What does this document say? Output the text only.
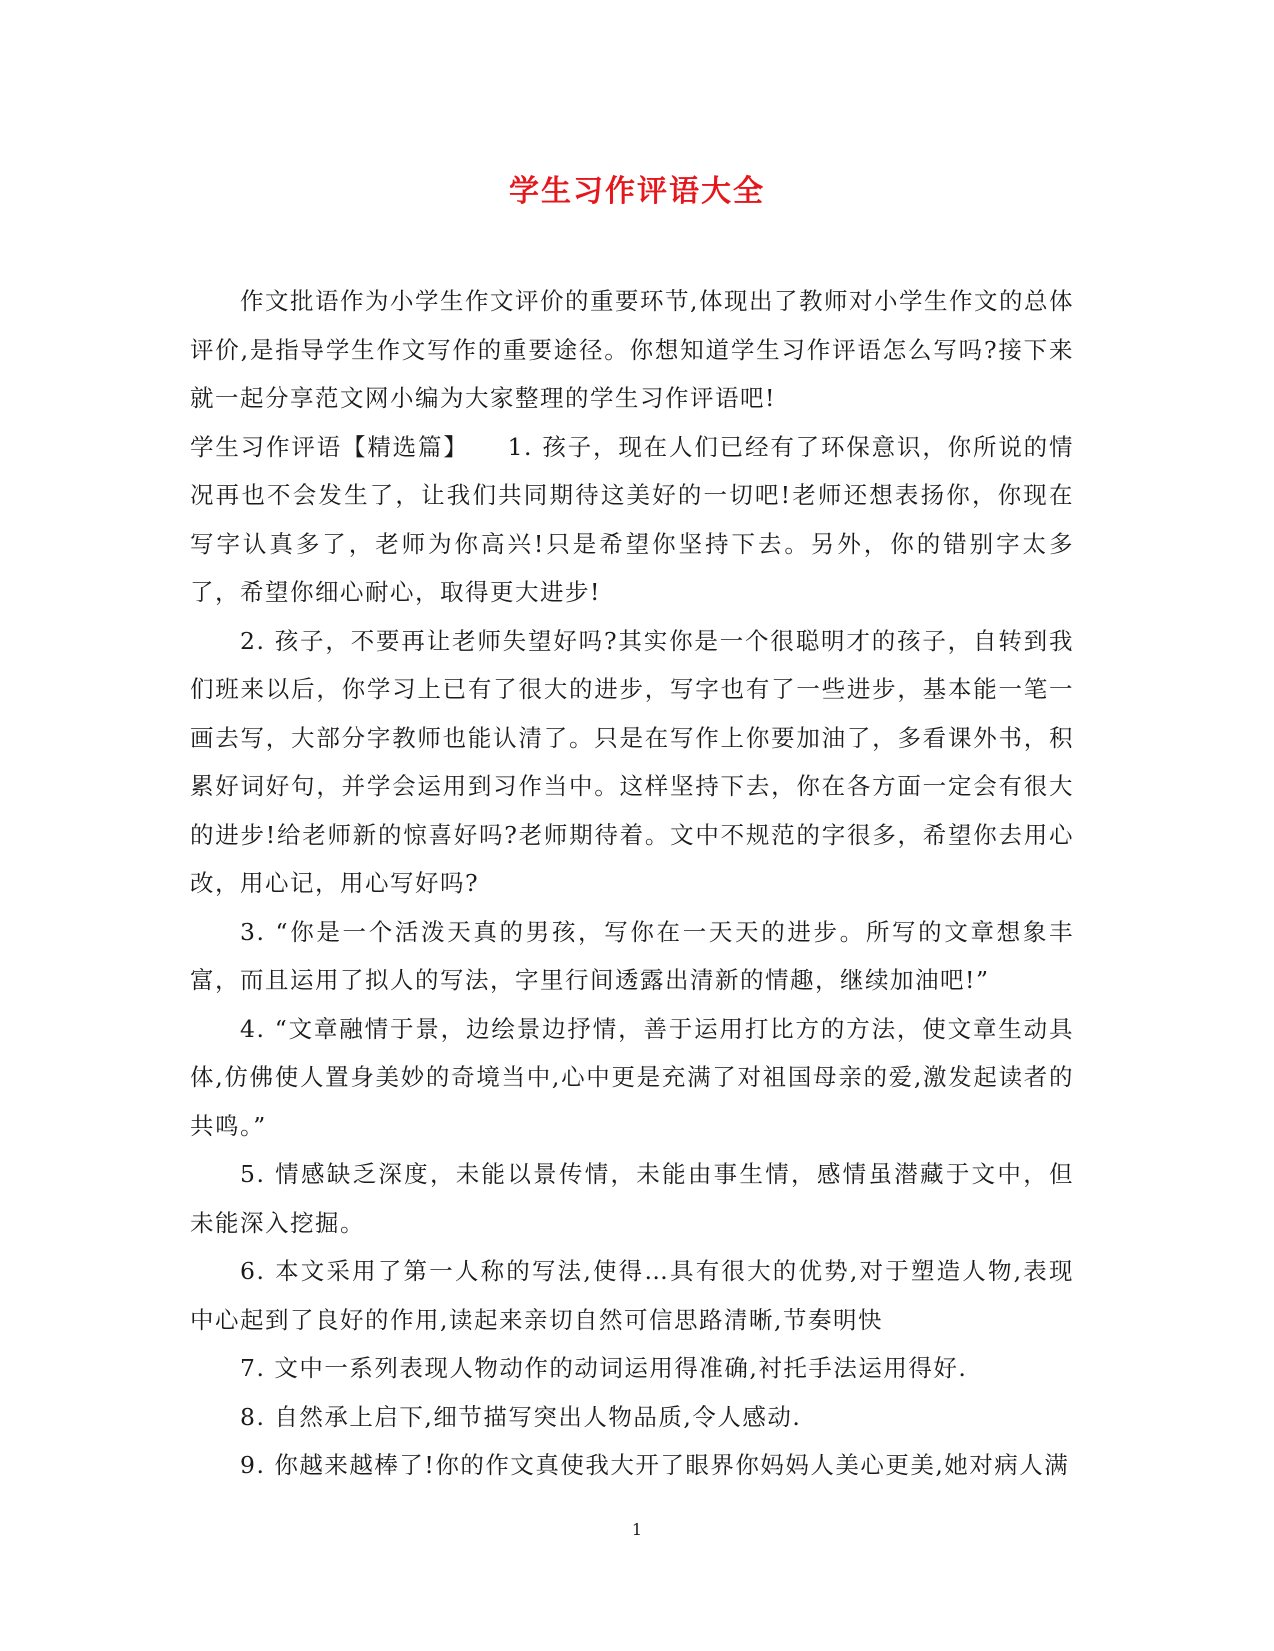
学生习作评语大全

作文批语作为小学生作文评价的重要环节,体现出了教师对小学生作文的总体评价,是指导学生作文写作的重要途径。你想知道学生习作评语怎么写吗?接下来就一起分享范文网小编为大家整理的学生习作评语吧!

学生习作评语【精选篇】　　1. 孩子，现在人们已经有了环保意识，你所说的情况再也不会发生了，让我们共同期待这美好的一切吧!老师还想表扬你，你现在写字认真多了，老师为你高兴!只是希望你坚持下去。另外，你的错别字太多了，希望你细心耐心，取得更大进步!

2. 孩子，不要再让老师失望好吗?其实你是一个很聪明才的孩子，自转到我们班来以后，你学习上已有了很大的进步，写字也有了一些进步，基本能一笔一画去写，大部分字教师也能认清了。只是在写作上你要加油了，多看课外书，积累好词好句，并学会运用到习作当中。这样坚持下去，你在各方面一定会有很大的进步!给老师新的惊喜好吗?老师期待着。文中不规范的字很多，希望你去用心改，用心记，用心写好吗?

3. “你是一个活泼天真的男孩，写你在一天天的进步。所写的文章想象丰富，而且运用了拟人的写法，字里行间透露出清新的情趣，继续加油吧!”

4. “文章融情于景，边绘景边抒情，善于运用打比方的方法，使文章生动具体,仿佛使人置身美妙的奇境当中,心中更是充满了对祖国母亲的爱,激发起读者的共鸣。”

5. 情感缺乏深度，未能以景传情，未能由事生情，感情虽潜藏于文中，但未能深入挖掘。

6. 本文采用了第一人称的写法,使得…具有很大的优势,对于塑造人物,表现中心起到了良好的作用,读起来亲切自然可信思路清晰,节奏明快

7. 文中一系列表现人物动作的动词运用得准确,衬托手法运用得好.

8. 自然承上启下,细节描写突出人物品质,令人感动.

9. 你越来越棒了!你的作文真使我大开了眼界你妈妈人美心更美,她对病人满

1
